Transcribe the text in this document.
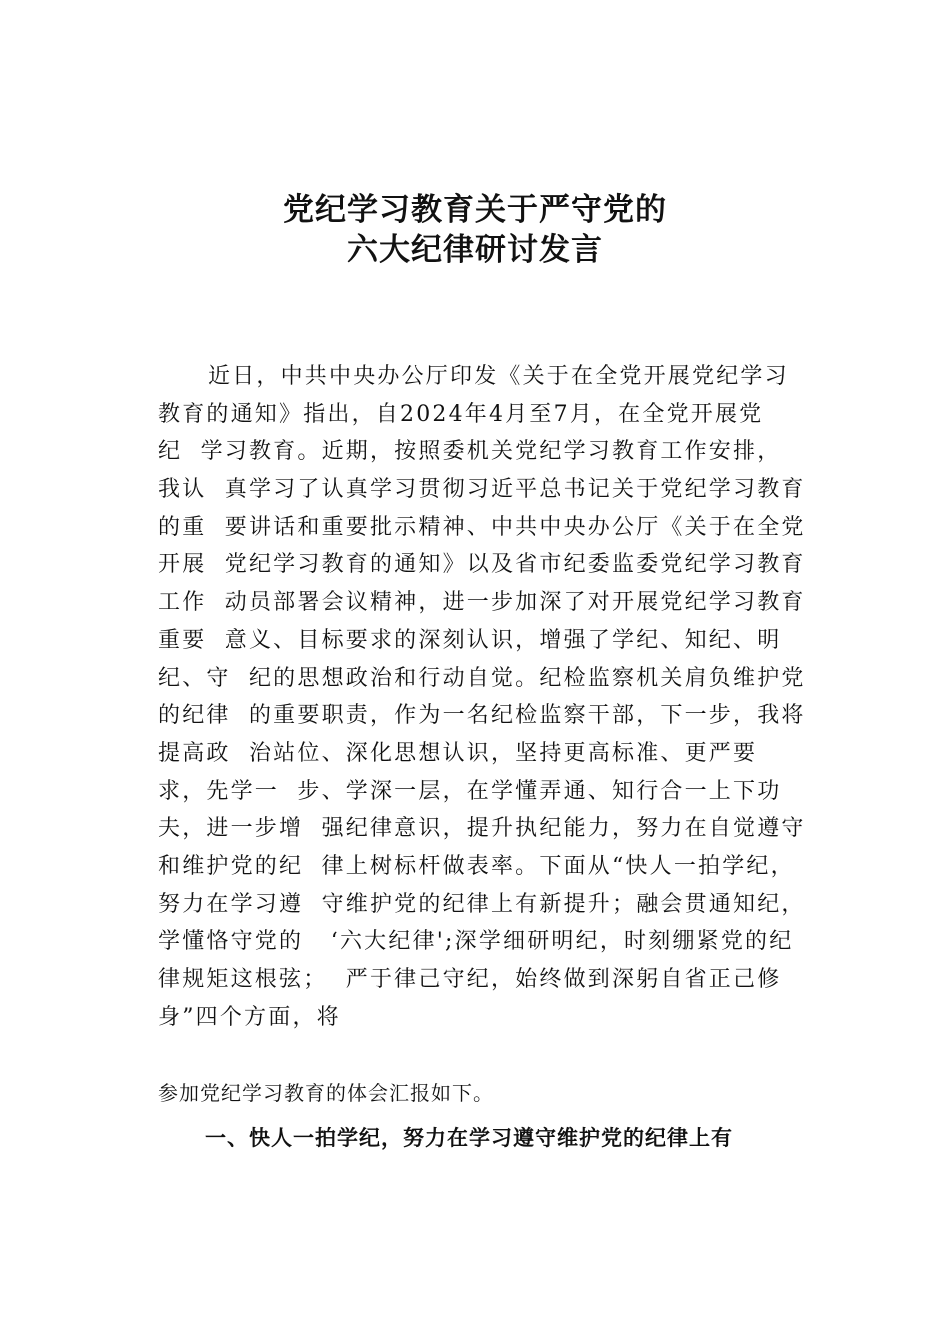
党纪学习教育关于严守党的
六大纪律研讨发言
近日，中共中央办公厅印发《关于在全党开展党纪学习
教育的通知》指出，自2024年4月至7月，在全党开展党
纪  学习教育。近期，按照委机关党纪学习教育工作安排，
我认  真学习了认真学习贯彻习近平总书记关于党纪学习教育
的重  要讲话和重要批示精神、中共中央办公厅《关于在全党
开展  党纪学习教育的通知》以及省市纪委监委党纪学习教育
工作  动员部署会议精神，进一步加深了对开展党纪学习教育
重要  意义、目标要求的深刻认识，增强了学纪、知纪、明
纪、守  纪的思想政治和行动自觉。纪检监察机关肩负维护党
的纪律  的重要职责，作为一名纪检监察干部，下一步，我将
提高政  治站位、深化思想认识，坚持更高标准、更严要
求，先学一  步、学深一层，在学懂弄通、知行合一上下功
夫，进一步增  强纪律意识，提升执纪能力，努力在自觉遵守
和维护党的纪  律上树标杆做表率。下面从“快人一拍学纪，
努力在学习遵  守维护党的纪律上有新提升；融会贯通知纪，
学懂恪守党的   ‘六大纪律';深学细研明纪，时刻绷紧党的纪
律规矩这根弦；  严于律己守纪，始终做到深躬自省正己修
身”四个方面，将
参加党纪学习教育的体会汇报如下。
一、快人一拍学纪，努力在学习遵守维护党的纪律上有
